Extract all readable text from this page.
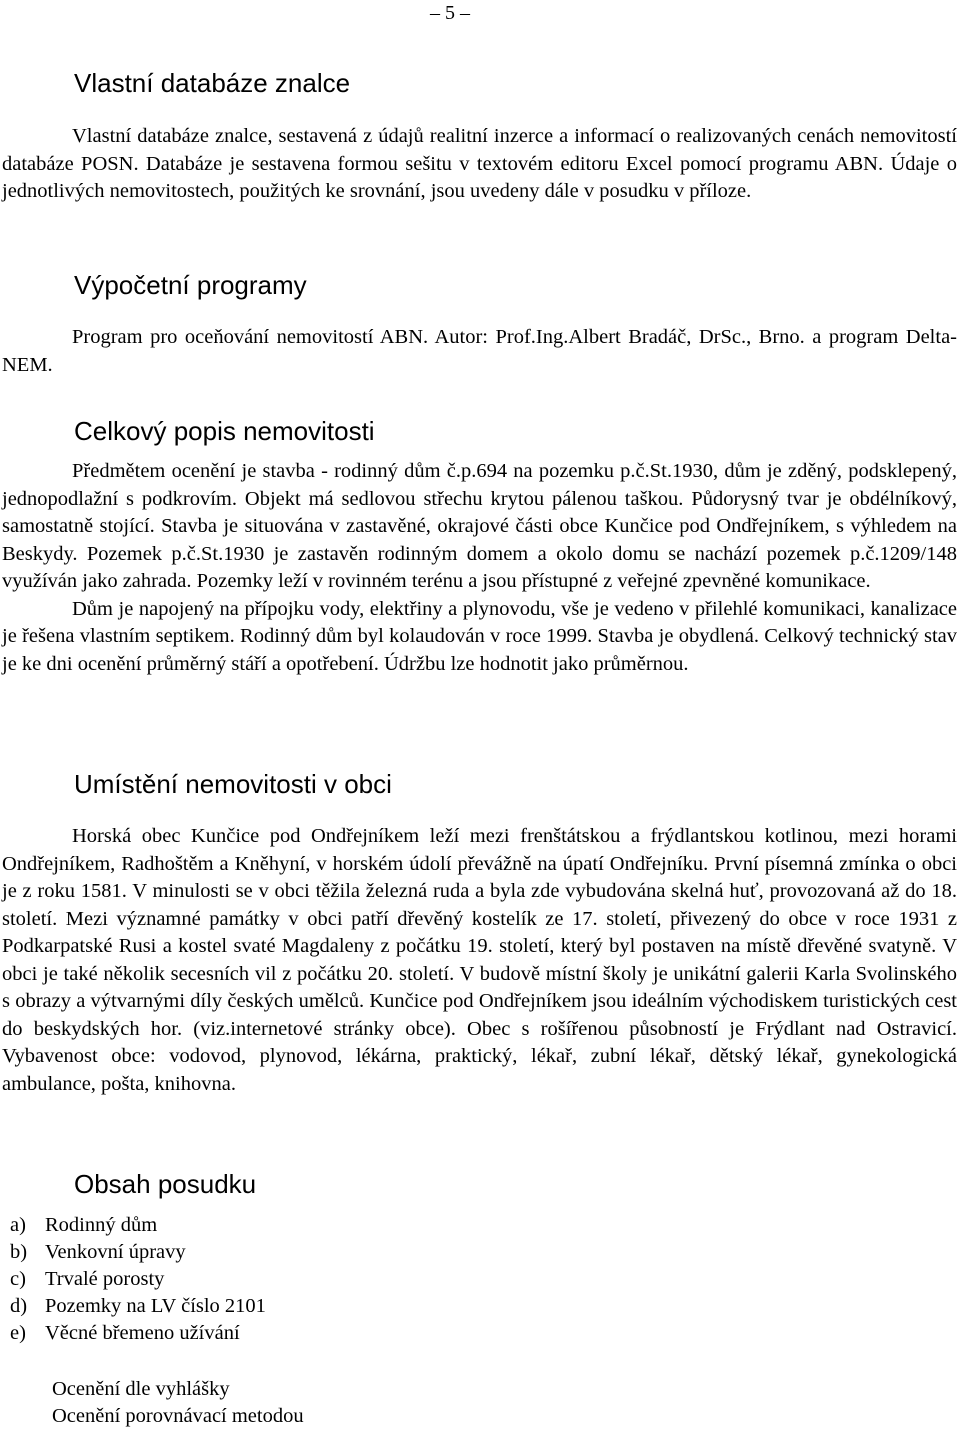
– 5 –
Vlastní databáze znalce

Vlastní databáze znalce, sestavená z údajů realitní inzerce a informací o realizovaných cenách nemovitostí databáze POSN. Databáze je sestavena formou sešitu v textovém editoru Excel pomocí programu ABN. Údaje o jednotlivých nemovitostech, použitých ke srovnání, jsou uvedeny dále v posudku v příloze.

Výpočetní programy

Program pro oceňování nemovitostí ABN. Autor: Prof.Ing.Albert Bradáč, DrSc., Brno. a program Delta-NEM.

Celkový popis nemovitosti

Předmětem ocenění je stavba - rodinný dům č.p.694 na pozemku p.č.St.1930, dům je zděný, podsklepený, jednopodlažní s podkrovím. Objekt má sedlovou střechu krytou pálenou taškou. Půdorysný tvar je obdélníkový, samostatně stojící. Stavba je situována v zastavěné, okrajové části obce Kunčice pod Ondřejníkem, s výhledem na Beskydy. Pozemek p.č.St.1930 je zastavěn rodinným domem a okolo domu se nachází pozemek p.č.1209/148 využíván jako zahrada. Pozemky leží v rovinném terénu a jsou přístupné z veřejné zpevněné komunikace.

Dům je napojený na přípojku vody, elektřiny a plynovodu, vše je vedeno v přilehlé komunikaci, kanalizace je řešena vlastním septikem. Rodinný dům byl kolaudován v roce 1999. Stavba je obydlená. Celkový technický stav je ke dni ocenění průměrný stáří a opotřebení. Údržbu lze hodnotit jako průměrnou.

Umístění nemovitosti v obci

Horská obec Kunčice pod Ondřejníkem leží mezi frenštátskou a frýdlantskou kotlinou, mezi horami Ondřejníkem, Radhoštěm a Kněhyní, v horském údolí převážně na úpatí Ondřejníku. První písemná zmínka o obci je z roku 1581. V minulosti se v obci těžila železná ruda a byla zde vybudována skelná huť, provozovaná až do 18. století. Mezi významné památky v obci patří dřevěný kostelík ze 17. století, přivezený do obce v roce 1931 z Podkarpatské Rusi a kostel svaté Magdaleny z počátku 19. století, který byl postaven na místě dřevěné svatyně. V obci je také několik secesních vil z počátku 20. století. V budově místní školy je unikátní galerii Karla Svolinského s obrazy a výtvarnými díly českých umělců. Kunčice pod Ondřejníkem jsou ideálním východiskem turistických cest do beskydských hor. (viz.internetové stránky obce). Obec s rošířenou působností je Frýdlant nad Ostravicí. Vybavenost obce: vodovod, plynovod, lékárna, praktický, lékař, zubní lékař, dětský lékař, gynekologická ambulance, pošta, knihovna.

Obsah posudku
a) Rodinný dům
b) Venkovní úpravy
c) Trvalé porosty
d) Pozemky na LV číslo 2101
e) Věcné břemeno užívání
Ocenění dle vyhlášky
Ocenění porovnávací metodou
